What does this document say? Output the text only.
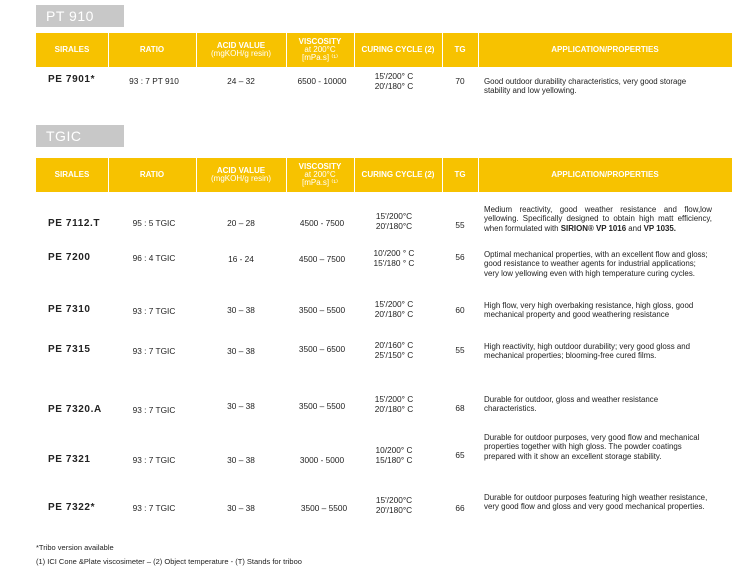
PT 910
SIRALES	RATIO	ACID VALUE
(mgKOH/g resin)
VISCOSITY
at 200°C
[mPa.s] ⁽¹⁾
CURING CYCLE (2)	TG	APPLICATION/PROPERTIES
PE 7901*	93 : 7 PT 910	24 – 32	6500 - 10000	15'/200° C
20'/180° C	70	Good outdoor durability characteristics, very good storage stability and low yellowing.
TGIC
SIRALES	RATIO	ACID VALUE
(mgKOH/g resin)
VISCOSITY
at 200°C
[mPa.s] ⁽¹⁾
CURING CYCLE (2)	TG	APPLICATION/PROPERTIES
PE 7112.T	95 : 5 TGIC	20 – 28	4500 - 7500
15'/200°C
20'/180°C	55
Medium reactivity, good weather resistance and flow,low yellowing. Specifically designed to obtain high matt efficiency, when formulated with SIRION® VP 1016 and VP 1035.
PE 7200	96 : 4 TGIC	16 - 24	4500 – 7500
10'/200 ° C
15'/180 ° C
56	Optimal mechanical properties, with an excellent flow and gloss; good resistance to weather agents for industrial applications; very low yellowing even with high temperature curing cycles.
PE 7310	93 : 7 TGIC	30 – 38	3500 – 5500
15'/200° C
20'/180° C	60	High flow, very high overbaking resistance, high gloss, good mechanical property and good weathering resistance
PE 7315	93 : 7 TGIC	30 – 38	3500 – 6500	20'/160° C
25'/150° C	55	High reactivity, high outdoor durability; very good gloss and mechanical properties; blooming-free cured films.
PE 7320.A	93 : 7 TGIC	30 – 38	3500 – 5500
15'/200° C
20'/180° C	68
Durable for outdoor, gloss and weather resistance characteristics.
PE 7321	93 : 7 TGIC	30 – 38	3000 - 5000
10/200° C
15/180° C	65
Durable for outdoor purposes, very good flow and mechanical properties together with high gloss. The powder coatings prepared with it show an excellent storage stability.
PE 7322*	93 : 7 TGIC	30 – 38	3500 – 5500
15'/200°C
20'/180°C	66
Durable for outdoor purposes featuring high weather resistance, very good flow and gloss and very good mechanical properties.
*Tribo version available
(1) ICI Cone &Plate viscosimeter – (2) Object temperature - (T) Stands for triboo
